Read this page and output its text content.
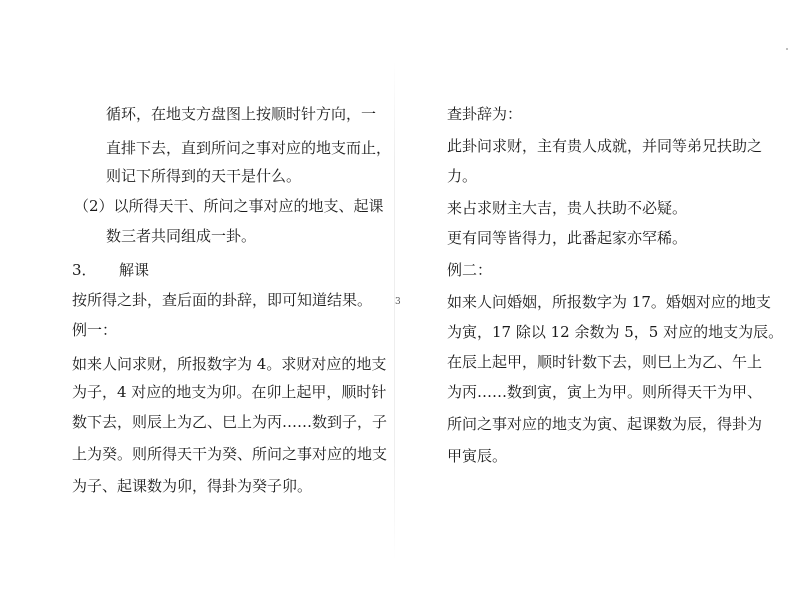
循环，在地支方盘图上按顺时针方向，一
直排下去，直到所问之事对应的地支而止，
则记下所得到的天干是什么。
（2）以所得天干、所问之事对应的地支、起课
数三者共同组成一卦。
3．　　解课
按所得之卦，查后面的卦辞，即可知道结果。
例一：
如来人问求财，所报数字为 4。求财对应的地支
为子，4 对应的地支为卯。在卯上起甲，顺时针
数下去，则辰上为乙、巳上为丙……数到子，子
上为癸。则所得天干为癸、所问之事对应的地支
为子、起课数为卯，得卦为癸子卯。
3
查卦辞为：
此卦问求财，主有贵人成就，并同等弟兄扶助之
力。
来占求财主大吉，贵人扶助不必疑。
更有同等皆得力，此番起家亦罕稀。
例二：
如来人问婚姻，所报数字为 17。婚姻对应的地支
为寅，17 除以 12 余数为 5，5 对应的地支为辰。
在辰上起甲，顺时针数下去，则巳上为乙、午上
为丙……数到寅，寅上为甲。则所得天干为甲、
所问之事对应的地支为寅、起课数为辰，得卦为
甲寅辰。
